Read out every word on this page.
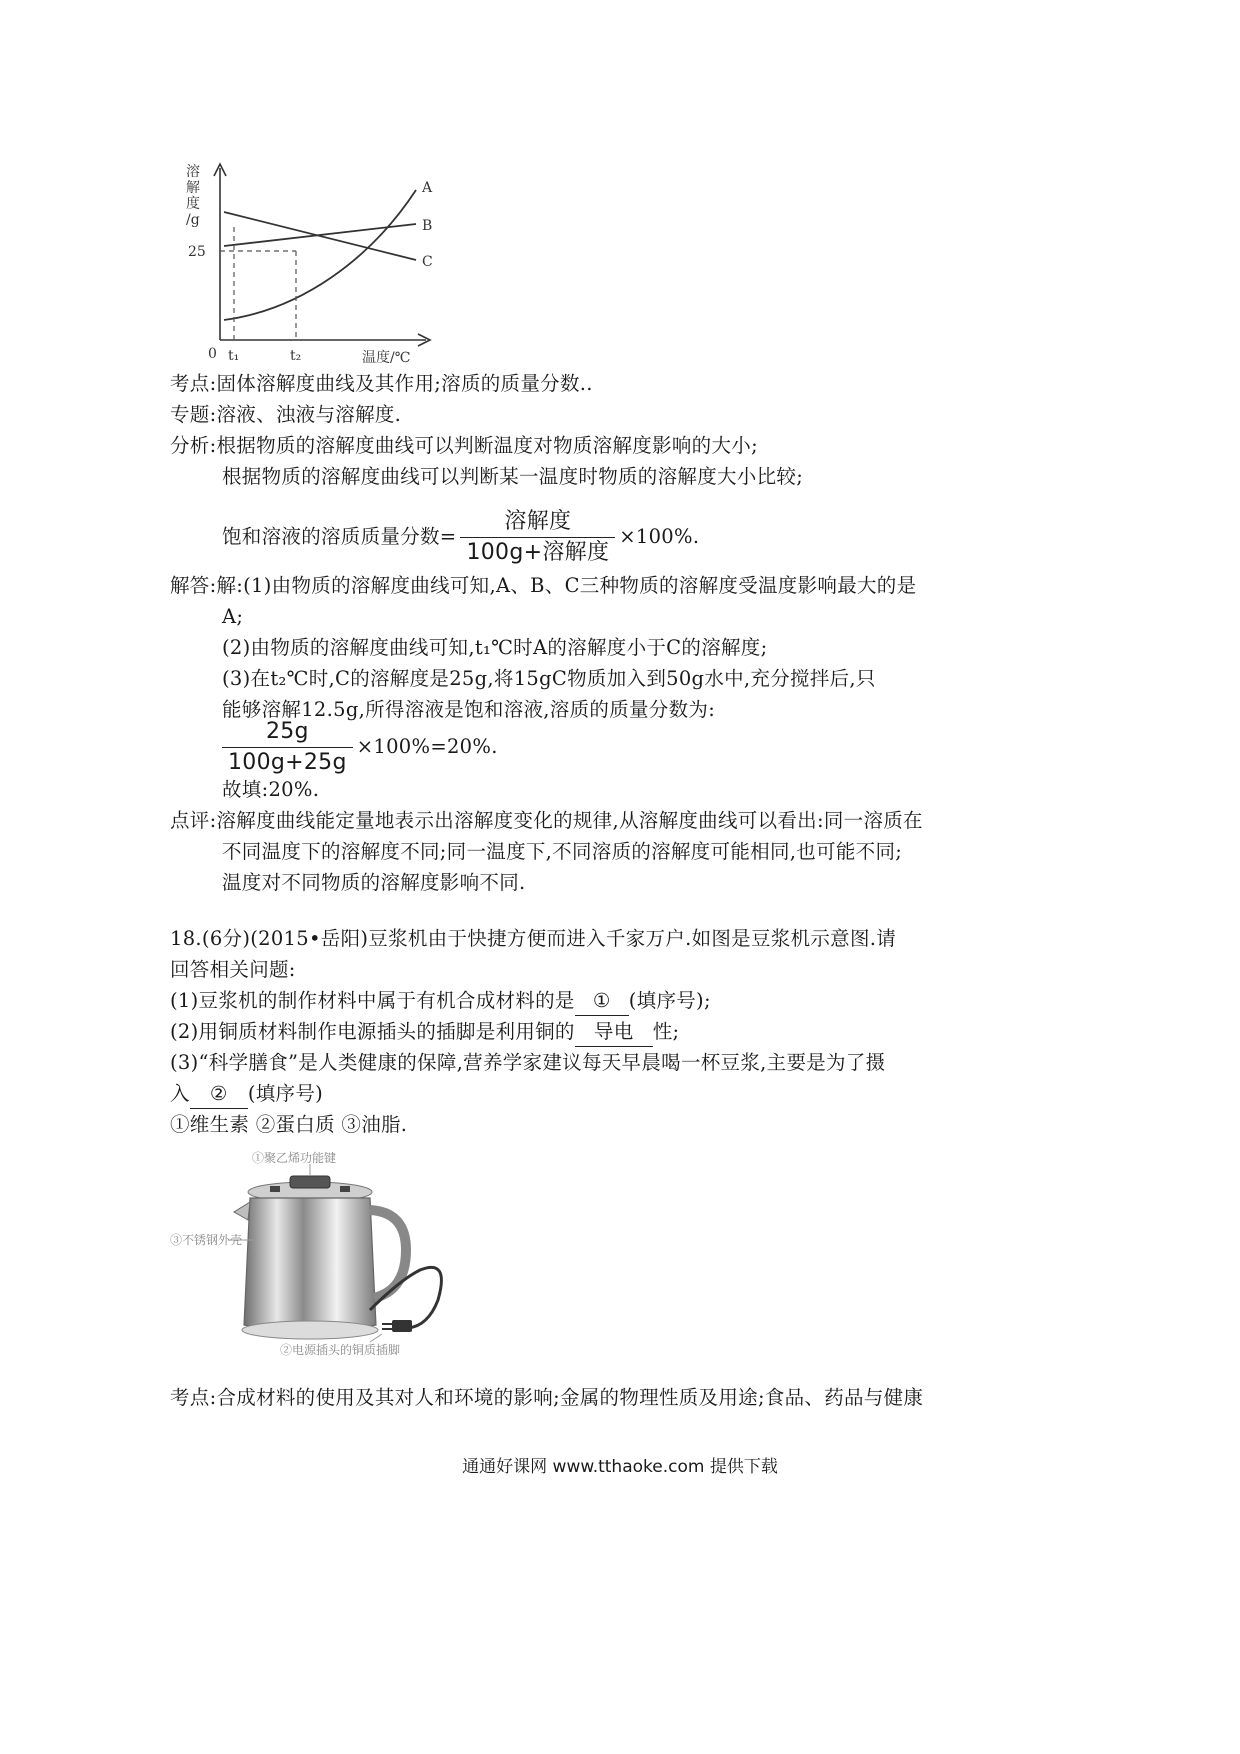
溶
解
度
/g
25
0 t₁	t₂	温度/℃
A
B
C
考点:固体溶解度曲线及其作用;溶质的质量分数..
专题:溶液、浊液与溶解度.
分析:根据物质的溶解度曲线可以判断温度对物质溶解度影响的大小;
根据物质的溶解度曲线可以判断某一温度时物质的溶解度大小比较;
饱和溶液的溶质质量分数= $\frac{\text{溶解度}}{\text{100g+溶解度}} \times 100\%$.
解答:解:(1)由物质的溶解度曲线可知,A、B、C三种物质的溶解度受温度影响最大的是
A;
(2)由物质的溶解度曲线可知,t₁℃时A的溶解度小于C的溶解度;
(3)在t₂℃时,C的溶解度是25g,将15gC物质加入到50g水中,充分搅拌后,只
能够溶解12.5g,所得溶液是饱和溶液,溶质的质量分数为:
$\frac{25g}{100g+25g} \times 100\%=20\%$.
故填:20%.
点评:溶解度曲线能定量地表示出溶解度变化的规律,从溶解度曲线可以看出:同一溶质在
不同温度下的溶解度不同;同一温度下,不同溶质的溶解度可能相同,也可能不同;
温度对不同物质的溶解度影响不同.
18.(6分)(2015•岳阳)豆浆机由于快捷方便而进入千家万户.如图是豆浆机示意图.请
回答相关问题:
(1)豆浆机的制作材料中属于有机合成材料的是 ① (填序号);
(2)用铜质材料制作电源插头的插脚是利用铜的 导电 性;
(3)“科学膳食”是人类健康的保障,营养学家建议每天早晨喝一杯豆浆,主要是为了摄
入 ② (填序号)
①维生素 ②蛋白质 ③油脂.
①聚乙烯功能键
③不锈钢外壳
②电源插头的铜质插脚
考点:合成材料的使用及其对人和环境的影响;金属的物理性质及用途;食品、药品与健康
通通好课网 www.tthaoke.com 提供下载
